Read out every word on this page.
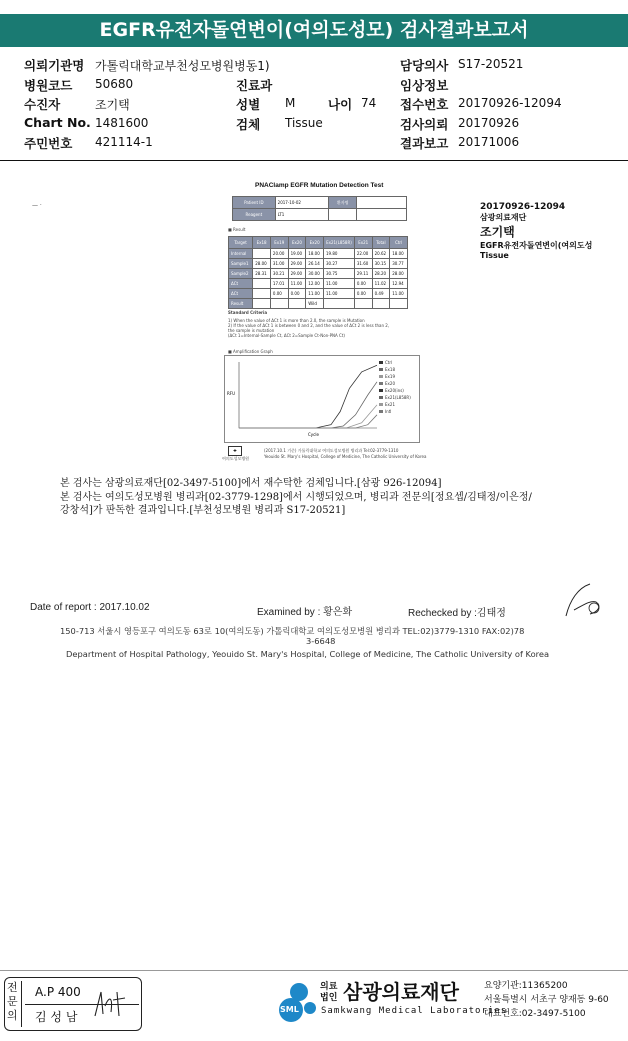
EGFR유전자돌연변이(여의도성모) 검사결과보고서
의뢰기관명 가톨릭대학교부천성모병원병동1)	담당의사 S17-20521
병원코드 50680	진료과	임상정보
수진자	조기택	성별 M	나이 74 접수번호 20170926-12094
Chart No. 1481600	검체 Tissue	검사의뢰 20170926
주민번호 421114-1	결과보고 20171006
— ·
PNAClamp EGFR Mutation Detection Test
Patient ID	2017-10-02	환자명	
Reagent	LT1		
20170926-12094
삼광의료재단
조기택
EGFR유전자돌연변이(여의도성
Tissue
■ Result
Target	Ex18	Ex19	Ex20	Ex20	Ex21(L858R)	Ex21	Total	Ctrl
Internal		20.00	19.00	18.00	19.80	22.00	20.62	18.00
Sample1	28.00	31.00	29.00	26.14	30.27	31.60	30.15	30.77
Sample2	28.31	30.21	29.00	30.00	30.75	29.11	28.20	28.00
ΔCt		17.01	11.00	12.00	11.00	0.00	11.02	12.94
ΔCt		0.00	0.00	11.00	11.00	0.00	0.49	11.00
Result				Wild				
Standard Criteria
1) When the value of ΔCt 1 is more than 2.0, the sample is Mutation
2) If the value of ΔCt 1 is between 0 and 2, and the value of ΔCt 2 is less than 2,
the sample is mutation
(ΔCt 1=Internal-Sample Ct, ΔCt 2=Sample Ct-Non-PNA Ct)
■ Amplification Graph
Ctrl
Ex18
Ex19
Ex20
Ex20(ins)
Ex21(L858R)
Ex21
Intl
Cycle
RFU
✚
여의도성모병원
(2017.10.1 기준) 가톨릭대학교 여의도성모병원 병리과 Tel:02-3779-1310
Yeouido St. Mary's Hospital, College of Medicine, The Catholic University of Korea
본 검사는 삼광의료재단[02-3497-5100]에서 재수탁한 검체입니다.[삼광 926-12094]
본 검사는 여의도성모병원 병리과[02-3779-1298]에서 시행되었으며, 병리과 전문의[정요셉/김태정/이은정/
강창석]가 판독한 결과입니다.[부천성모병원 병리과 S17-20521]
Date of report : 2017.10.02	Examined by : 황은화	Rechecked by :김태정
150-713 서울시 영등포구 여의도동 63로 10(여의도동) 가톨릭대학교 여의도성모병원 병리과 TEL:02)3779-1310 FAX:02)78
3-6648
Department of Hospital Pathology, Yeouido St. Mary's Hospital, College of Medicine, The Catholic University of Korea
전문의
A.P 400
김 성 남
SML
의료법인 삼광의료재단
Samkwang Medical Laboratories
요양기관:11365200
서울특별시 서초구 양재동 9-60
대표번호:02-3497-5100
